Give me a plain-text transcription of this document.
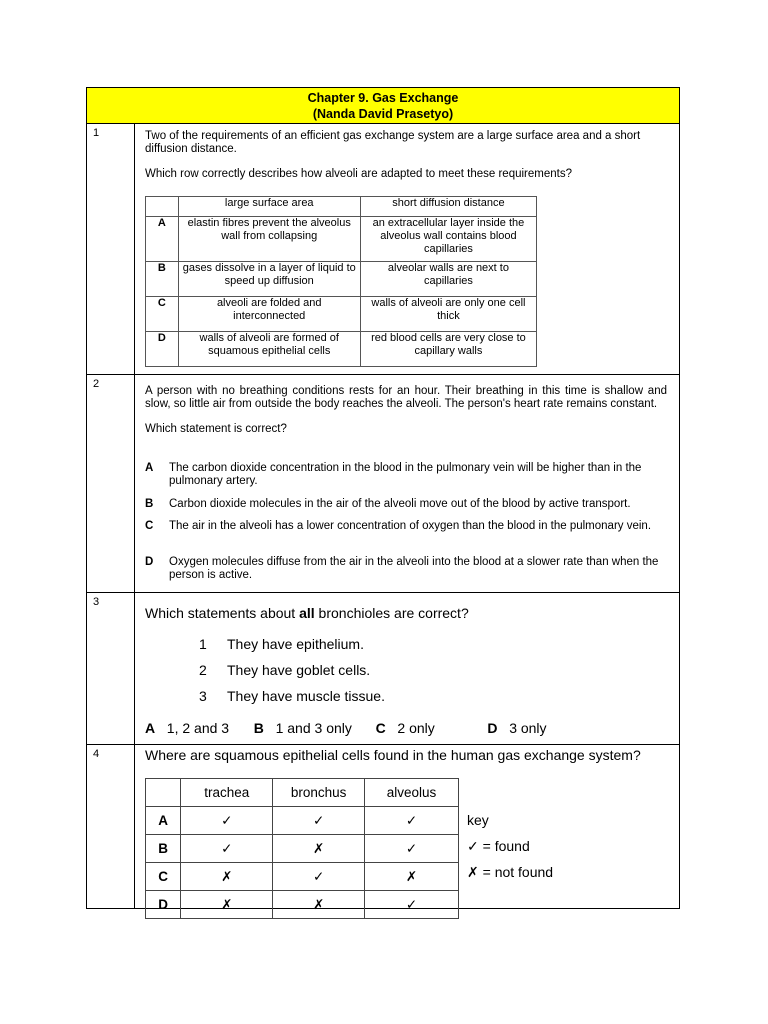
Chapter 9. Gas Exchange
(Nanda David Prasetyo)
1	Two of the requirements of an efficient gas exchange system are a large surface area and a short diffusion distance.

Which row correctly describes how alveoli are adapted to meet these requirements?

	large surface area	short diffusion distance
A	elastin fibres prevent the alveolus wall from collapsing	an extracellular layer inside the alveolus wall contains blood capillaries
B	gases dissolve in a layer of liquid to speed up diffusion	alveolar walls are next to capillaries
C	alveoli are folded and interconnected	walls of alveoli are only one cell thick
D	walls of alveoli are formed of squamous epithelial cells	red blood cells are very close to capillary walls
2

A person with no breathing conditions rests for an hour. Their breathing in this time is shallow and slow, so little air from outside the body reaches the alveoli. The person's heart rate remains constant.

Which statement is correct?

A The carbon dioxide concentration in the blood in the pulmonary vein will be higher than in the pulmonary artery.
B Carbon dioxide molecules in the air of the alveoli move out of the blood by active transport.
C The air in the alveoli has a lower concentration of oxygen than the blood in the pulmonary vein.
D Oxygen molecules diffuse from the air in the alveoli into the blood at a slower rate than when the person is active.
3
Which statements about all bronchioles are correct?
1 They have epithelium.
2 They have goblet cells.
3 They have muscle tissue.
A 1, 2 and 3 B 1 and 3 only C 2 only	D 3 only
4	Where are squamous epithelial cells found in the human gas exchange system?
	trachea	bronchus	alveolus
A	✓	✓	✓
B	✓	✗	✓
C	✗	✓	✗
D	✗	✗	✓
key
✓ = found
✗ = not found
